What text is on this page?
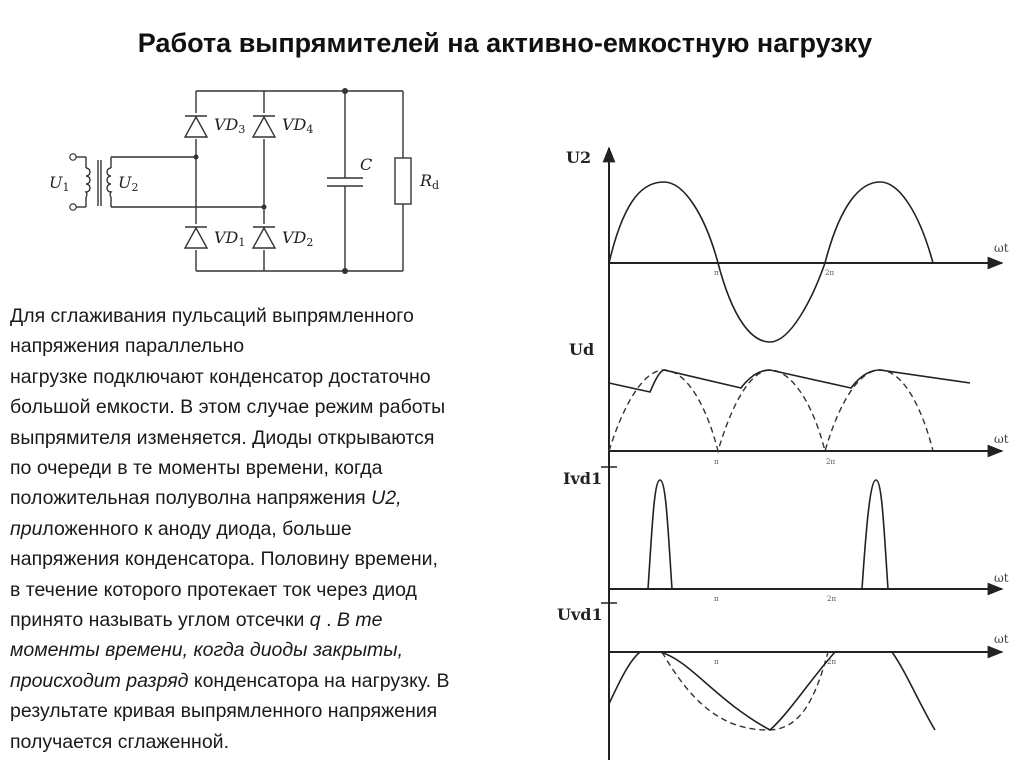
Работа выпрямителей на активно-емкостную нагрузку
U1	U2
VD3 VD4
VD1 VD2
C
Rd
Для сглаживания пульсаций выпрямленного
напряжения параллельно
нагрузке подключают конденсатор достаточно
большой емкости. В этом случае режим работы
выпрямителя изменяется. Диоды открываются
по очереди в те моменты времени, когда
положительная полуволна напряжения U2,
приложенного к аноду диода, больше
напряжения конденсатора. Половину времени,
в течение которого протекает ток через диод
принято называть углом отсечки q . В те
моменты времени, когда диоды закрыты,
происходит разряд конденсатора на нагрузку. В
результате кривая выпрямленного напряжения
получается сглаженной.
U2
ωt
π	2π
Ud
ωt
π	2π
Ivd1
ωt
π	2π
Uvd1
ωt
π	2π
